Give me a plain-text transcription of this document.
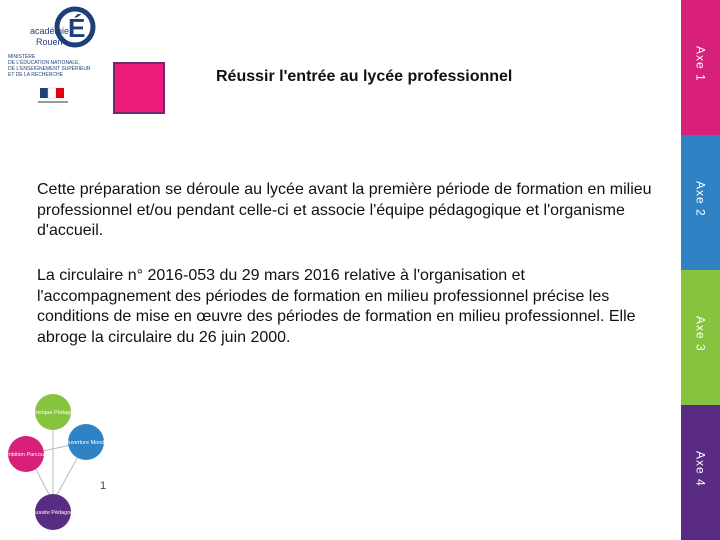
É
académie
Rouen
MINISTÈRE
DE L'ÉDUCATION NATIONALE,
DE L'ENSEIGNEMENT SUPÉRIEUR
ET DE LA RECHERCHE	Réussir l'entrée au lycée professionnel
Cette préparation se déroule au lycée avant la première période de formation en milieu professionnel et/ou pendant celle-ci et associe l'équipe pédagogique et l'organisme d'accueil.
La circulaire n° 2016-053 du 29 mars 2016 relative à l'organisation et l'accompagnement des périodes de formation en milieu professionnel précise les conditions de mise en œuvre des périodes de formation en milieu professionnel. Elle abroge la circulaire du 26 juin 2000.
Axe 1
Axe 2
Axe 3
Axe 4
Numérique Pédagogie
Ouverture Monde
Ambition Parcours
Réussite Pédagogie
1
